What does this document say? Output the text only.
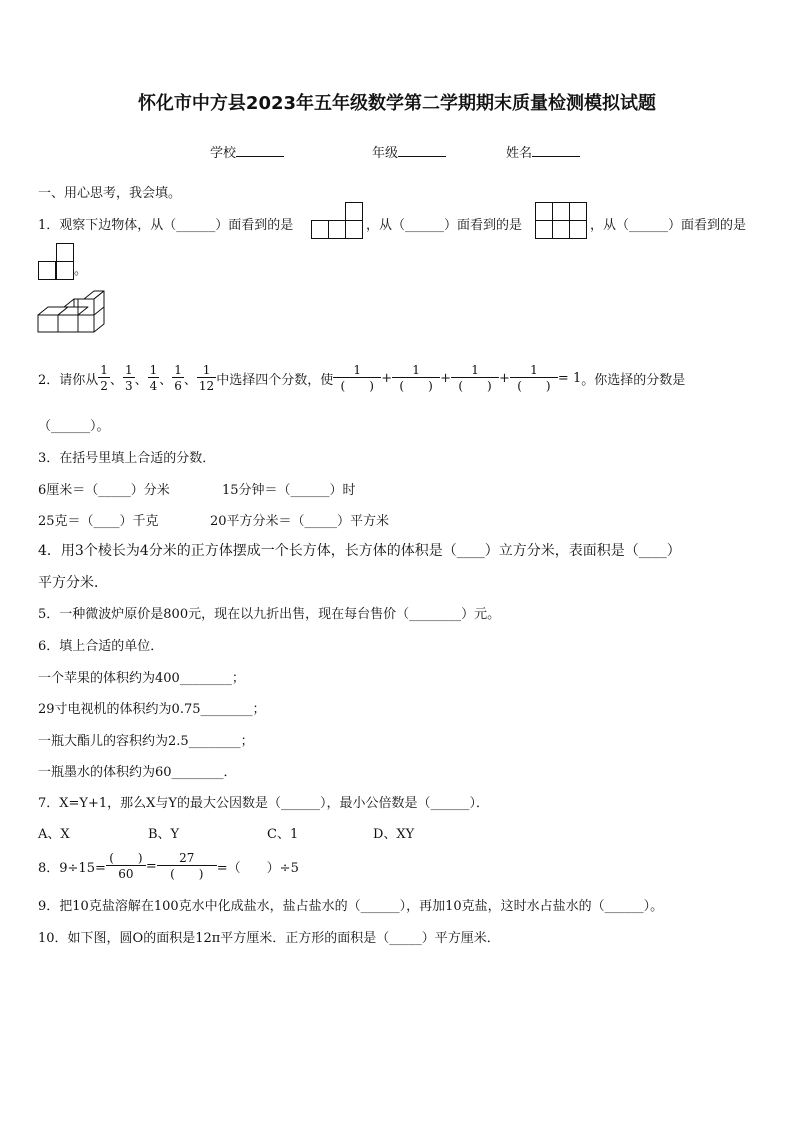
怀化市中方县2023年五年级数学第二学期期末质量检测模拟试题
学校	年级	姓名
一、用心思考，我会填。
1．观察下边物体，从（______）面看到的是	，从（______）面看到的是	，从（______）面看到的是
。
2．请你从 $\frac{1}{2}$ 、 $\frac{1}{3}$ 、 $\frac{1}{4}$ 、 $\frac{1}{6}$ 、 $\frac{1}{12}$ 中选择四个分数，使 $\frac{1}{( )} + \frac{1}{( )} + \frac{1}{( )} + \frac{1}{( )} = 1$ 。你选择的分数是
（______）。
3．在括号里填上合适的分数．
6厘米＝（_____）分米	15分钟＝（______）时
25克＝（____）千克	20平方分米＝（_____）平方米
4．用3个棱长为4分米的正方体摆成一个长方体，长方体的体积是（____）立方分米，表面积是（____）
平方分米．
5．一种微波炉原价是800元，现在以九折出售，现在每台售价（________）元。
6．填上合适的单位．
一个苹果的体积约为400________；
29寸电视机的体积约为0.75________；
一瓶大酯儿的容积约为2.5________；
一瓶墨水的体积约为60________．
7．X=Y+1，那么X与Y的最大公因数是（______），最小公倍数是（______）．
A、X	B、Y	C、1	D、XY
8．$9\div 15= \frac{( )}{60} = \frac{27}{( )}$ =（　　）÷5
9．把10克盐溶解在100克水中化成盐水，盐占盐水的（______），再加10克盐，这时水占盐水的（______）。
10．如下图，圆O的面积是12π平方厘米．正方形的面积是（_____）平方厘米．
